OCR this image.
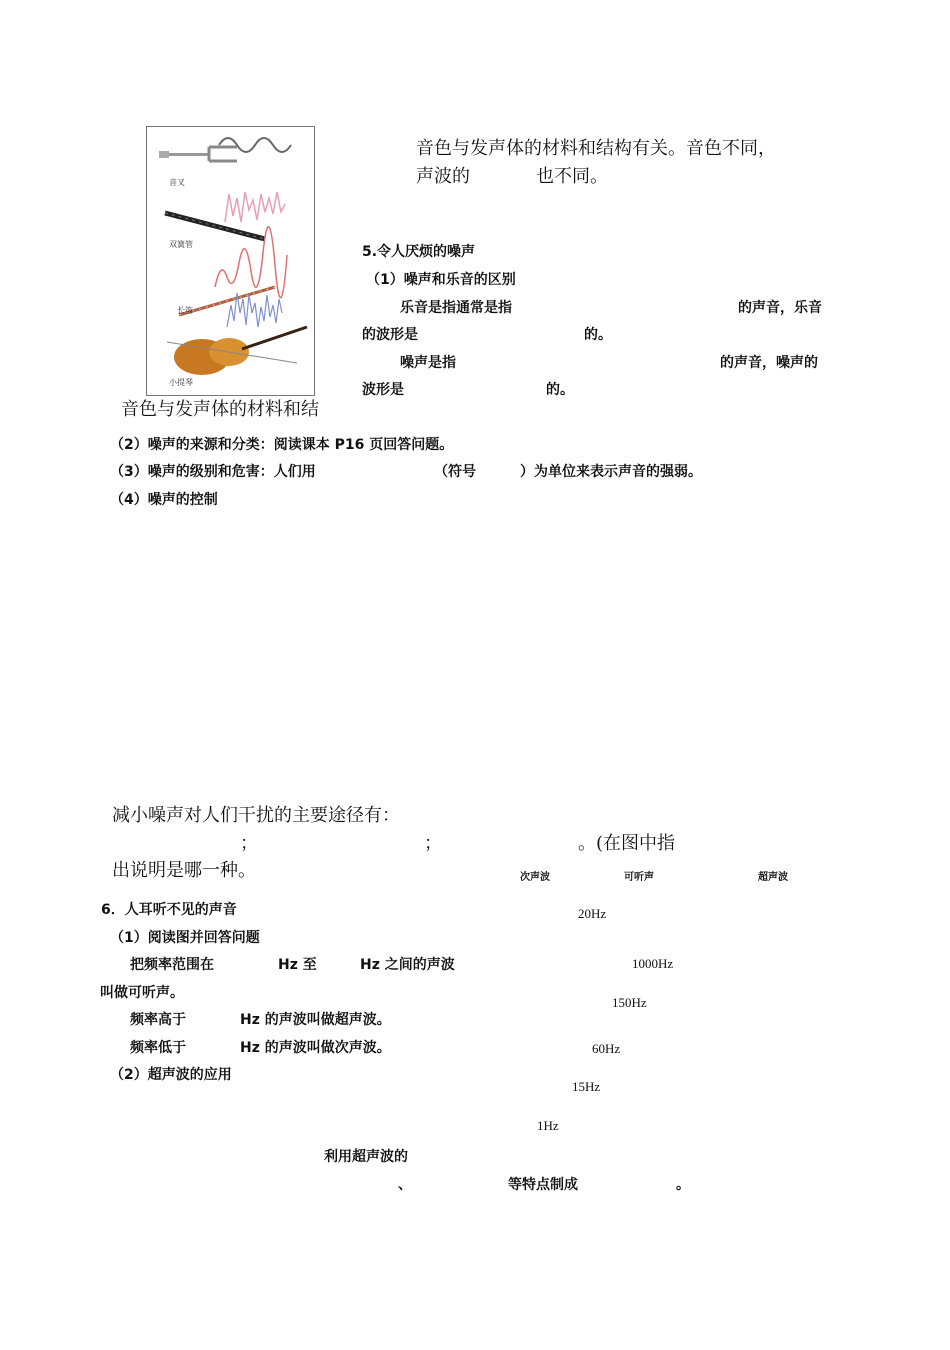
音叉
双簧管
长笛
小提琴
音色与发声体的材料和结
音色与发声体的材料和结构有关。音色不同，
声波的	也不同。
5.令人厌烦的噪声
（1）噪声和乐音的区别
乐音是指通常是指	的声音，乐音
的波形是	的。
噪声是指	的声音，噪声的
波形是	的。
（2）噪声的来源和分类：阅读课本 P16 页回答问题。
（3）噪声的级别和危害：人们用	（符号	）为单位来表示声音的强弱。
（4）噪声的控制
减小噪声对人们干扰的主要途径有：
；	；	。(在图中指
出说明是哪一种。	次声波	可听声	超声波
20Hz
1000Hz
150Hz
60Hz
15Hz
1Hz
6．人耳听不见的声音
（1）阅读图并回答问题
把频率范围在	Hz 至	Hz 之间的声波
叫做可听声。
频率高于	Hz 的声波叫做超声波。
频率低于	Hz 的声波叫做次声波。
（2）超声波的应用
利用超声波的
、	等特点制成	。
